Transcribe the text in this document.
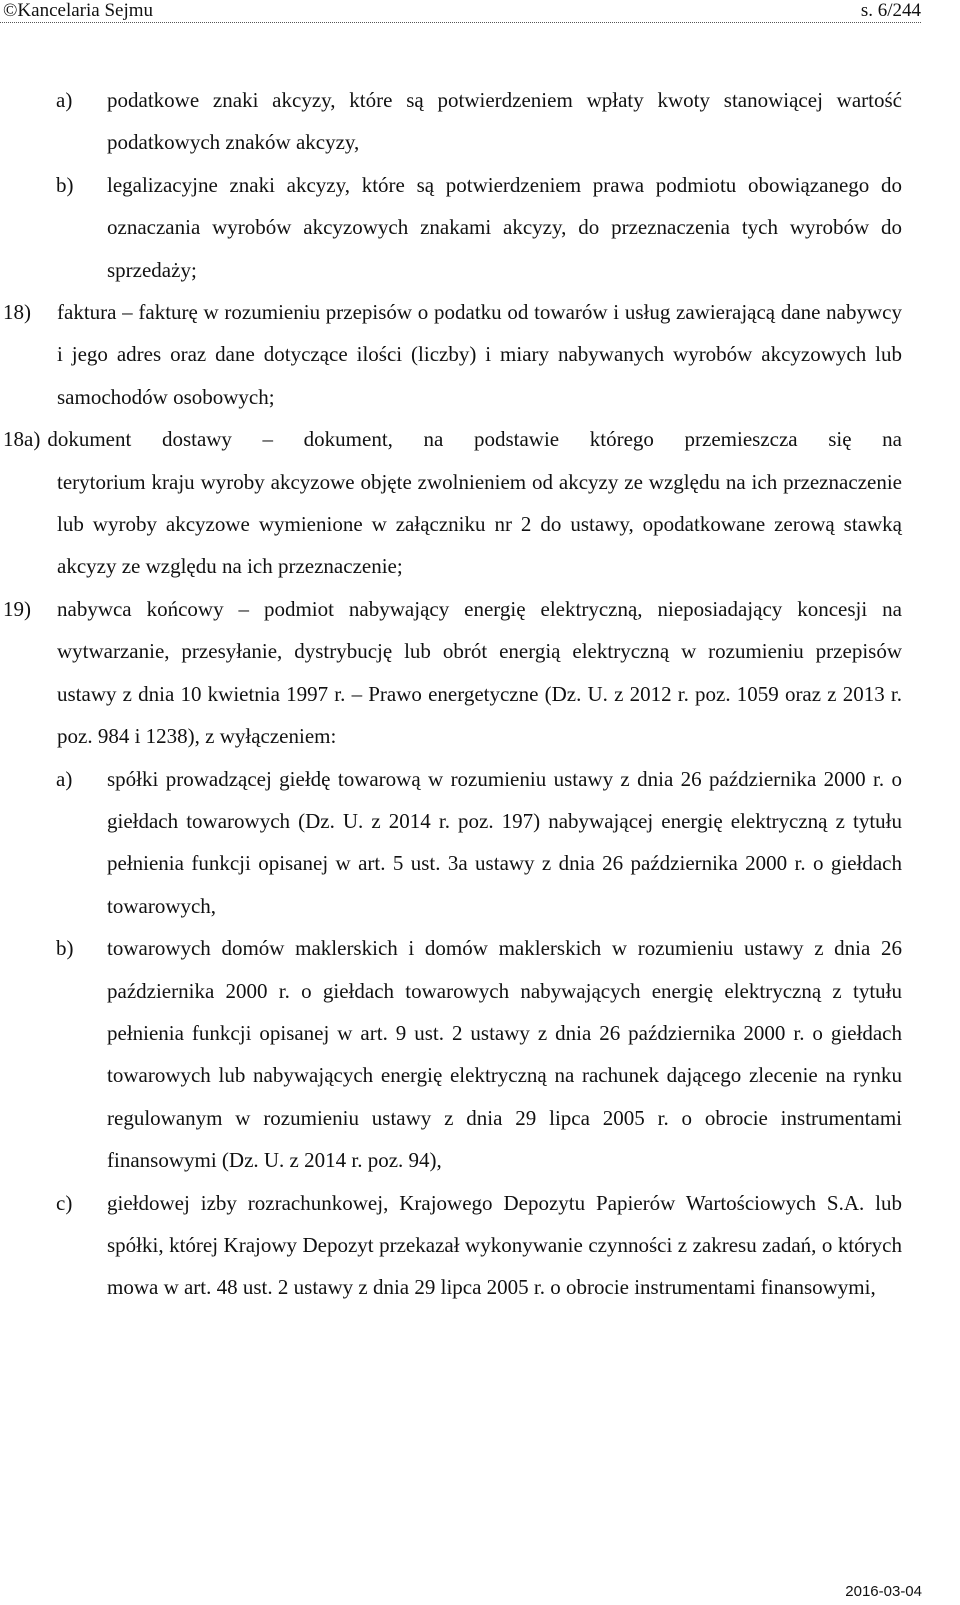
©Kancelaria Sejmu	s. 6/244
a)	podatkowe znaki akcyzy, które są potwierdzeniem wpłaty kwoty stanowiącej wartość podatkowych znaków akcyzy,
b)	legalizacyjne znaki akcyzy, które są potwierdzeniem prawa podmiotu obowiązanego do oznaczania wyrobów akcyzowych znakami akcyzy, do przeznaczenia tych wyrobów do sprzedaży;
18)	faktura – fakturę w rozumieniu przepisów o podatku od towarów i usług zawierającą dane nabywcy i jego adres oraz dane dotyczące ilości (liczby) i miary nabywanych wyrobów akcyzowych lub samochodów osobowych;
18a) dokument dostawy – dokument, na podstawie którego przemieszcza się na
terytorium kraju wyroby akcyzowe objęte zwolnieniem od akcyzy ze względu na ich przeznaczenie lub wyroby akcyzowe wymienione w załączniku nr 2 do ustawy, opodatkowane zerową stawką akcyzy ze względu na ich przeznaczenie;
19)	nabywca końcowy – podmiot nabywający energię elektryczną, nieposiadający koncesji na wytwarzanie, przesyłanie, dystrybucję lub obrót energią elektryczną w rozumieniu przepisów ustawy z dnia 10 kwietnia 1997 r. – Prawo energetyczne (Dz. U. z 2012 r. poz. 1059 oraz z 2013 r. poz. 984 i 1238), z wyłączeniem:
a)	spółki prowadzącej giełdę towarową w rozumieniu ustawy z dnia 26 października 2000 r. o giełdach towarowych (Dz. U. z 2014 r. poz. 197) nabywającej energię elektryczną z tytułu pełnienia funkcji opisanej w art. 5 ust. 3a ustawy z dnia 26 października 2000 r. o giełdach towarowych,
b)	towarowych domów maklerskich i domów maklerskich w rozumieniu ustawy z dnia 26 października 2000 r. o giełdach towarowych nabywających energię elektryczną z tytułu pełnienia funkcji opisanej w art. 9 ust. 2 ustawy z dnia 26 października 2000 r. o giełdach towarowych lub nabywających energię elektryczną na rachunek dającego zlecenie na rynku regulowanym w rozumieniu ustawy z dnia 29 lipca 2005 r. o obrocie instrumentami finansowymi (Dz. U. z 2014 r. poz. 94),
c)	giełdowej izby rozrachunkowej, Krajowego Depozytu Papierów Wartościowych S.A. lub spółki, której Krajowy Depozyt przekazał wykonywanie czynności z zakresu zadań, o których mowa w art. 48 ust. 2 ustawy z dnia 29 lipca 2005 r. o obrocie instrumentami finansowymi,
2016-03-04
